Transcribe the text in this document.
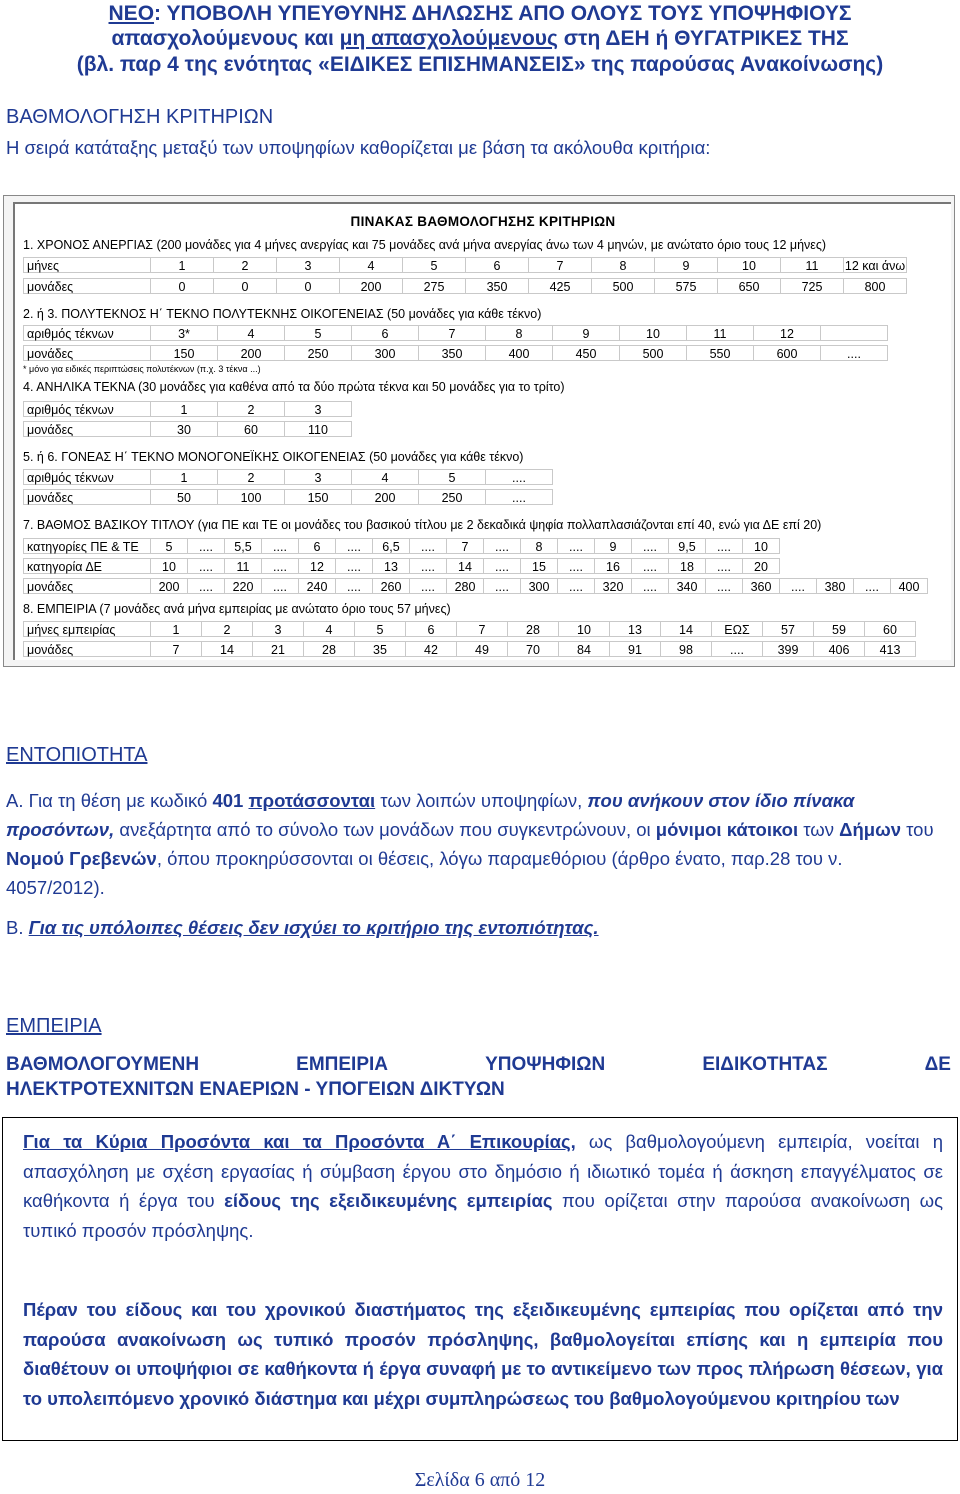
ΝΕΟ: ΥΠΟΒΟΛΗ ΥΠΕΥΘΥΝΗΣ ΔΗΛΩΣΗΣ ΑΠΟ ΟΛΟΥΣ ΤΟΥΣ ΥΠΟΨΗΦΙΟΥΣ
απασχολούμενους και μη απασχολούμενους στη ΔΕΗ ή ΘΥΓΑΤΡΙΚΕΣ ΤΗΣ
(βλ. παρ 4 της ενότητας «ΕΙΔΙΚΕΣ ΕΠΙΣΗΜΑΝΣΕΙΣ» της παρούσας Ανακοίνωσης)
ΒΑΘΜΟΛΟΓΗΣΗ ΚΡΙΤΗΡΙΩΝ
Η σειρά κατάταξης μεταξύ των υποψηφίων καθορίζεται με βάση τα ακόλουθα κριτήρια:
ΠΙΝΑΚΑΣ ΒΑΘΜΟΛΟΓΗΣΗΣ ΚΡΙΤΗΡΙΩΝ
1. ΧΡΟΝΟΣ ΑΝΕΡΓΙΑΣ (200 μονάδες για 4 μήνες ανεργίας και 75 μονάδες ανά μήνα ανεργίας άνω των 4 μηνών, με ανώτατο όριο τους 12 μήνες)
μήνες	1	2	3	4	5	6	7	8	9	10	11	12 και άνω
μονάδες	0	0	0	200	275	350	425	500	575	650	725	800
2. ή 3. ΠΟΛΥΤΕΚΝΟΣ Η΄ ΤΕΚΝΟ ΠΟΛΥΤΕΚΝΗΣ ΟΙΚΟΓΕΝΕΙΑΣ (50 μονάδες για κάθε τέκνο)
αριθμός τέκνων	3*	4	5	6	7	8	9	10	11	12
μονάδες	150	200	250	300	350	400	450	500	550	600	....
* μόνο για ειδικές περιπτώσεις πολυτέκνων (π.χ. 3 τέκνα ...)
4. ΑΝΗΛΙΚΑ ΤΕΚΝΑ (30 μονάδες για καθένα από τα δύο πρώτα τέκνα και 50 μονάδες για το τρίτο)
αριθμός τέκνων	1	2	3
μονάδες	30	60	110
5. ή 6. ΓΟΝΕΑΣ Η΄ ΤΕΚΝΟ ΜΟΝΟΓΟΝΕΪΚΗΣ ΟΙΚΟΓΕΝΕΙΑΣ (50 μονάδες για κάθε τέκνο)
αριθμός τέκνων	1	2	3	4	5	....
μονάδες	50	100	150	200	250	....
7. ΒΑΘΜΟΣ ΒΑΣΙΚΟΥ ΤΙΤΛΟΥ (για ΠΕ και ΤΕ οι μονάδες του βασικού τίτλου με 2 δεκαδικά ψηφία πολλαπλασιάζονται επί 40, ενώ για ΔΕ επί 20)
κατηγορίες ΠΕ & ΤΕ	5	....	5,5	....	6	....	6,5	....	7	....	8	....	9	....	9,5	....	10
κατηγορία ΔΕ	10	....	11	....	12	....	13	....	14	....	15	....	16	....	18	....	20
μονάδες	200	....	220	....	240	....	260	....	280	....	300	....	320	....	340	....	360	....	380	....	400
8. ΕΜΠΕΙΡΙΑ (7 μονάδες ανά μήνα εμπειρίας με ανώτατο όριο τους 57 μήνες)
μήνες εμπειρίας	1	2	3	4	5	6	7	28	10	13	14	ΕΩΣ	57	59	60
μονάδες	7	14	21	28	35	42	49	70	84	91	98	....	399	406	413
ΕΝΤΟΠΙΟΤΗΤΑ
Α. Για τη θέση με κωδικό 401 προτάσσονται των λοιπών υποψηφίων, που ανήκουν στον ίδιο πίνακα προσόντων, ανεξάρτητα από το σύνολο των μονάδων που συγκεντρώνουν, οι μόνιμοι κάτοικοι των Δήμων του Νομού Γρεβενών, όπου προκηρύσσονται οι θέσεις, λόγω παραμεθόριου (άρθρο ένατο, παρ.28 του ν. 4057/2012).
Β. Για τις υπόλοιπες θέσεις δεν ισχύει το κριτήριο της εντοπιότητας.
ΕΜΠΕΙΡΙΑ
ΒΑΘΜΟΛΟΓΟΥΜΕΝΗ	ΕΜΠΕΙΡΙΑ	ΥΠΟΨΗΦΙΩΝ	ΕΙΔΙΚΟΤΗΤΑΣ	ΔΕ
ΗΛΕΚΤΡΟΤΕΧΝΙΤΩΝ ΕΝΑΕΡΙΩΝ - ΥΠΟΓΕΙΩΝ ΔΙΚΤΥΩΝ
Για τα Κύρια Προσόντα και τα Προσόντα Α΄ Επικουρίας, ως βαθμολογούμενη εμπειρία, νοείται η απασχόληση με σχέση εργασίας ή σύμβαση έργου στο δημόσιο ή ιδιωτικό τομέα ή άσκηση επαγγέλματος σε καθήκοντα ή έργα του είδους της εξειδικευμένης εμπειρίας που ορίζεται στην παρούσα ανακοίνωση ως τυπικό προσόν πρόσληψης.
Πέραν του είδους και του χρονικού διαστήματος της εξειδικευμένης εμπειρίας που ορίζεται από την παρούσα ανακοίνωση ως τυπικό προσόν πρόσληψης, βαθμολογείται επίσης και η εμπειρία που διαθέτουν οι υποψήφιοι σε καθήκοντα ή έργα συναφή με το αντικείμενο των προς πλήρωση θέσεων, για το υπολειπόμενο χρονικό διάστημα και μέχρι συμπληρώσεως του βαθμολογούμενου κριτηρίου των
Σελίδα 6 από 12
